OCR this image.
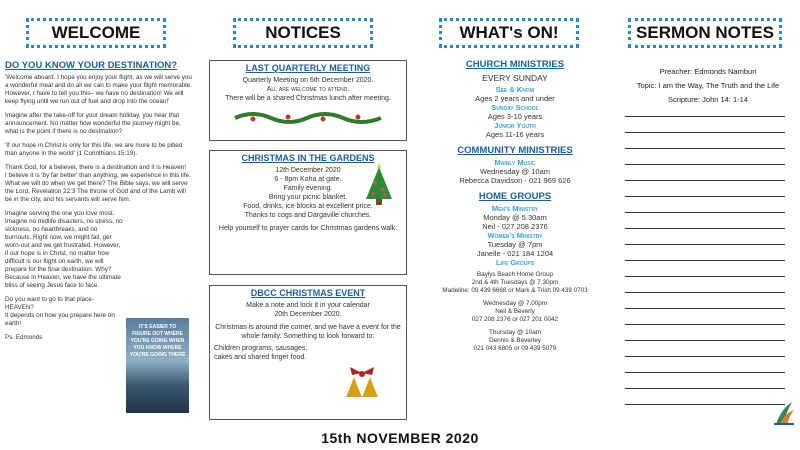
WELCOME	NOTICES	WHAT's ON!	SERMON NOTES
DO YOU KNOW YOUR DESTINATION?
'Welcome aboard. I hope you enjoy your flight, as we will serve you a wonderful meal and do all we can to make your flight memorable. However, I have to tell you this– we have no destination! We will keep flying until we run out of fuel and drop into the ocean!'
Imagine after the take-off for your dream holiday, you hear that announcement. No matter how wonderful the journey might be, what is the point if there is no destination?
'If our hope in Christ is only for this life, we are more to be pitied than anyone in the world' (1 Corinthians 15:19).
Thank God, for a believer, there is a destination and it is Heaven!
I believe it is 'by far better' than anything, we experience in this life. What we will do when we get there? The Bible says, we will serve the Lord, Revelation 22:3 The throne of God and of the Lamb will be in the city, and his servants will serve him.
Imagine serving the one you love most. Imagine no midlife disasters, no stress, no sickness, no heartbreaks, and no burnouts. Right now, we might fail, get worn-out and we get frustrated. However, if our hope is in Christ, no matter how difficult is our flight on earth, we will prepare for the final destination. Why? Because in Heaven, we have the ultimate bliss of seeing Jesus face to face.
Do you want to go to that place- HEAVEN?
It depends on how you prepare here on earth!
Ps. Edmonds
IT'S EASIER TO FIGURE OUT WHERE YOU'RE GOING WHEN YOU KNOW WHERE YOU'RE GOING THERE
LAST QUARTERLY MEETING
Quarterly Meeting on 6th December 2020.
All are welcome to attend.
There will be a shared Christmas lunch after meeting.
CHRISTMAS IN THE GARDENS
12th December 2020
6 - 8pm Koha at gate.
Family evening.
Bring your picnic blanket.
Food, drinks, ice blocks at excellent price.
Thanks to cogs and Dargaville churches.
Help yourself to prayer cards for Christmas gardens walk.
DBCC CHRISTMAS EVENT
Make a note and lock it in your calendar
20th December 2020.
Christmas is around the corner, and we have a event for the whole family. Something to look forward to:
Children programs, sausages, cakes and shared finger food.
CHURCH MINISTRIES
EVERY SUNDAY
See & Know
Ages 2 years and under
Sunday School
Ages 3-10 years
Junior Youth
Ages 11-16 years
COMMUNITY MINISTRIES
Mainly Music
Wednesday @ 10am
Rebecca Davidson - 021 969 626
HOME GROUPS
Men's Ministry
Monday @ 5.30am
Neil - 027 208 2376
Women's Ministry
Tuesday @ 7pm
Janelle - 021 184 1204
Life Groups
Baylys Beach Home Group
2nd & 4th Tuesdays @ 7.30pm
Madeline: 09 439 6668 or Mark & Trish 09 439 0703
Wednesday @ 7.00pm
Neil & Beverly
027 208 2376 or 027 201 0042
Thursday @ 10am
Dennis & Beverley
021 043 6805 or 09 439 5079
Preacher: Edmonds Namburi
Topic: I am the Way, The Truth and the Life
Scripture: John 14: 1-14
15th NOVEMBER 2020
